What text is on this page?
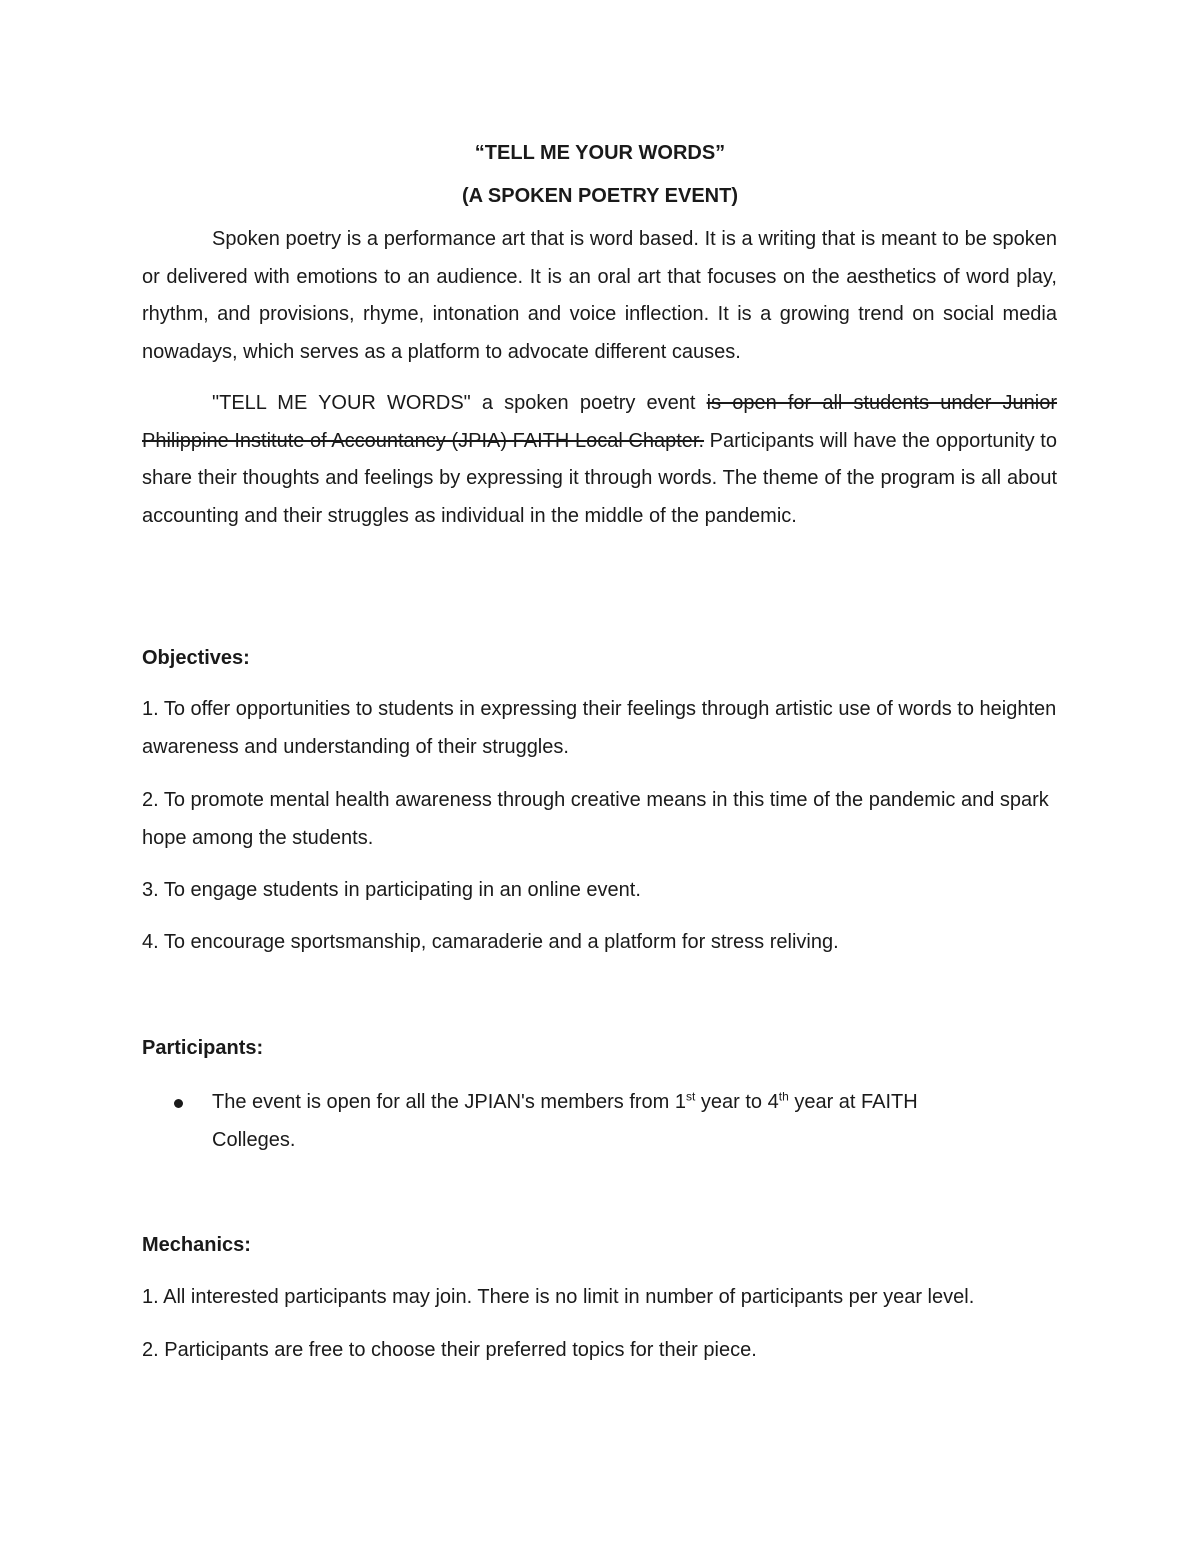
“TELL ME YOUR WORDS”
(A SPOKEN POETRY EVENT)

Spoken poetry is a performance art that is word based. It is a writing that is meant to be spoken or delivered with emotions to an audience. It is an oral art that focuses on the aesthetics of word play, rhythm, and provisions, rhyme, intonation and voice inflection. It is a growing trend on social media nowadays, which serves as a platform to advocate different causes.

"TELL ME YOUR WORDS" a spoken poetry event is open for all students under Junior Philippine Institute of Accountancy (JPIA) FAITH Local Chapter. Participants will have the opportunity to share their thoughts and feelings by expressing it through words. The theme of the program is all about accounting and their struggles as individual in the middle of the pandemic.

Objectives:

1. To offer opportunities to students in expressing their feelings through artistic use of words to heighten awareness and understanding of their struggles.

2. To promote mental health awareness through creative means in this time of the pandemic and spark hope among the students.

3. To engage students in participating in an online event.

4. To encourage sportsmanship, camaraderie and a platform for stress reliving.

Participants:

The event is open for all the JPIAN's members from 1st year to 4th year at FAITH Colleges.

Mechanics:

1. All interested participants may join. There is no limit in number of participants per year level.

2. Participants are free to choose their preferred topics for their piece.
